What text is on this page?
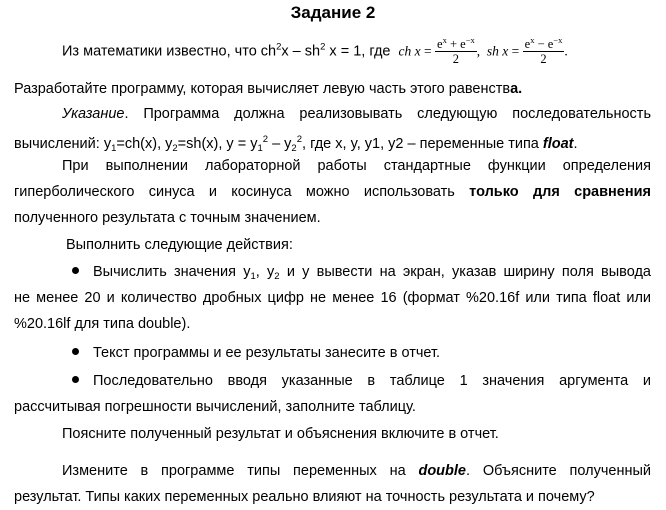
Задание 2
Из математики известно, что $ch^2x - sh^2$ x = 1, где ch $x = \frac{e^x + e^{-x}}{2}$ ,  sh $x = \frac{e^x - e^{-x}}{2}$ .
Разработайте программу, которая вычисляет левую часть этого равенства.
Указание. Программа должна реализовывать следующую последовательность
вычислений: $y_1=ch(x)$, $y_2=sh(x)$, $y = y_1^2 - y_2^2$, где x, y, y1, y2 – переменные типа float.
При выполнении лабораторной работы стандартные функции определения
гиперболического синуса и косинуса можно использовать только для сравнения
полученного результата с точным значением.
Выполнить следующие действия:
Вычислить значения $y_1$, $y_2$ и y вывести на экран, указав ширину поля вывода
не менее 20 и количество дробных цифр не менее 16 (формат %20.16f или типа float или
%20.16lf для типа double).
Текст программы и ее результаты занесите в отчет.
Последовательно вводя указанные в таблице 1 значения аргумента и
рассчитывая погрешности вычислений, заполните таблицу.
Поясните полученный результат и объяснения включите в отчет.
Измените в программе типы переменных на double. Объясните полученный
результат. Типы каких переменных реально влияют на точность результата и почему?
